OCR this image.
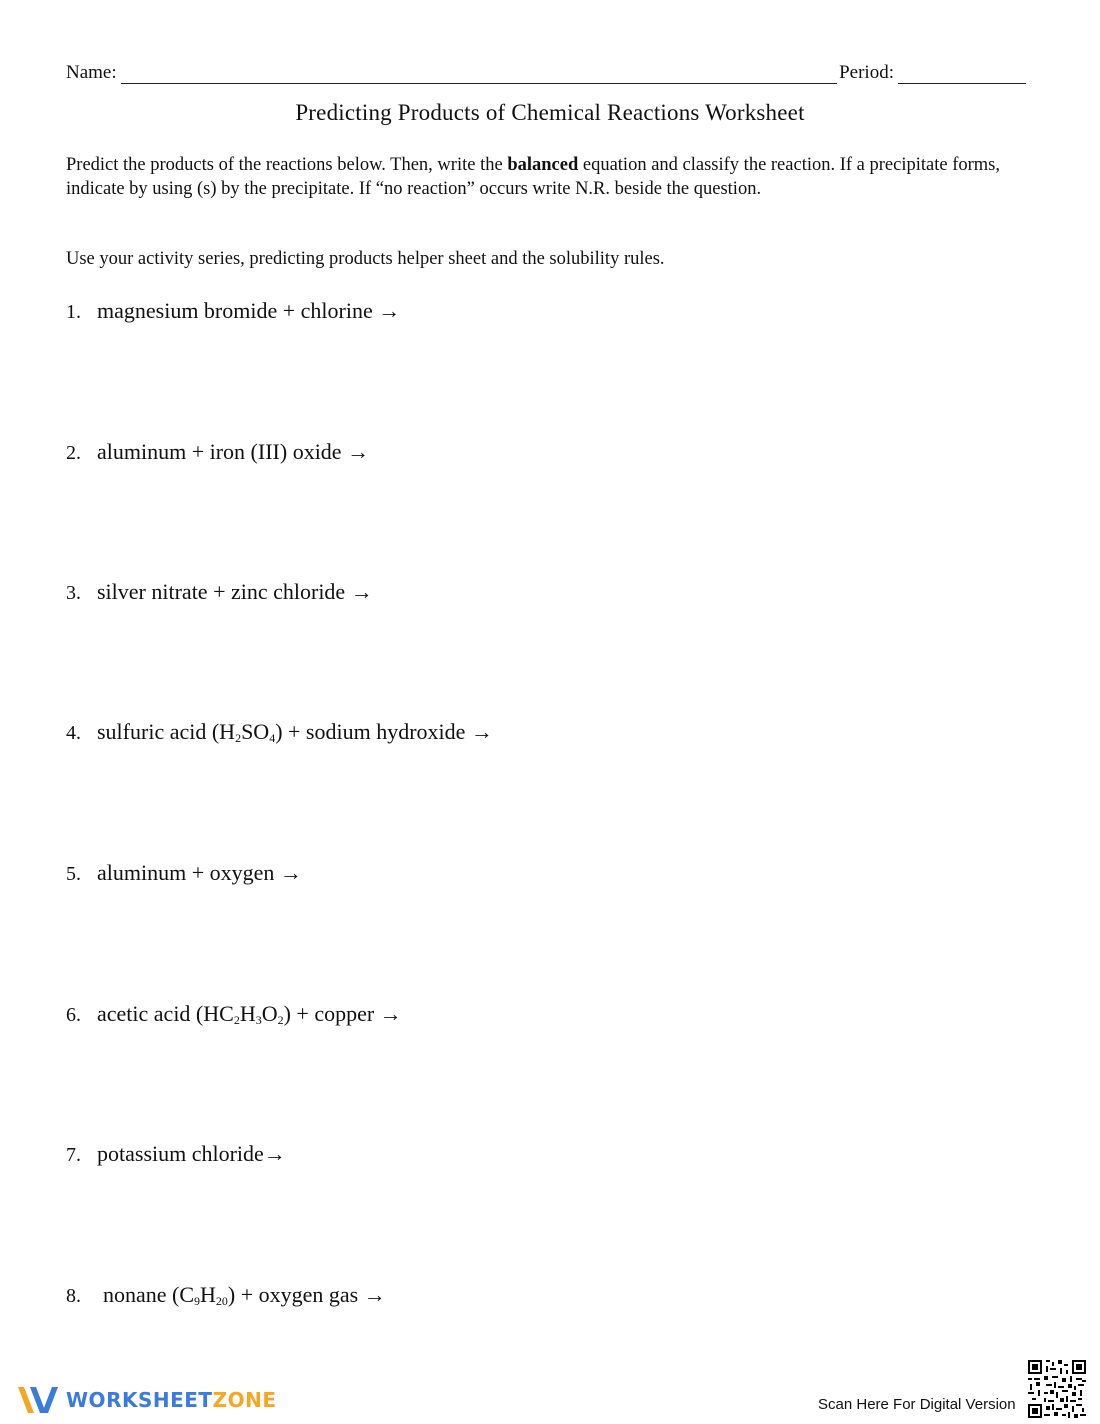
Name:	Period:
Predicting Products of Chemical Reactions Worksheet
Predict the products of the reactions below. Then, write the balanced equation and classify the reaction. If a precipitate forms, indicate by using (s) by the precipitate. If “no reaction” occurs write N.R. beside the question.
Use your activity series, predicting products helper sheet and the solubility rules.
1. magnesium bromide + chlorine →
2. aluminum + iron (III) oxide →
3. silver nitrate + zinc chloride →
4. sulfuric acid $(H_2SO_4)$ + sodium hydroxide →
5. aluminum + oxygen →
6. acetic acid $(HC_2H_3O_2)$ + copper →
7. potassium chloride→
8. nonane $(C_9H_{20})$ + oxygen gas →
WORKSHEETZONE	Scan Here For Digital Version
